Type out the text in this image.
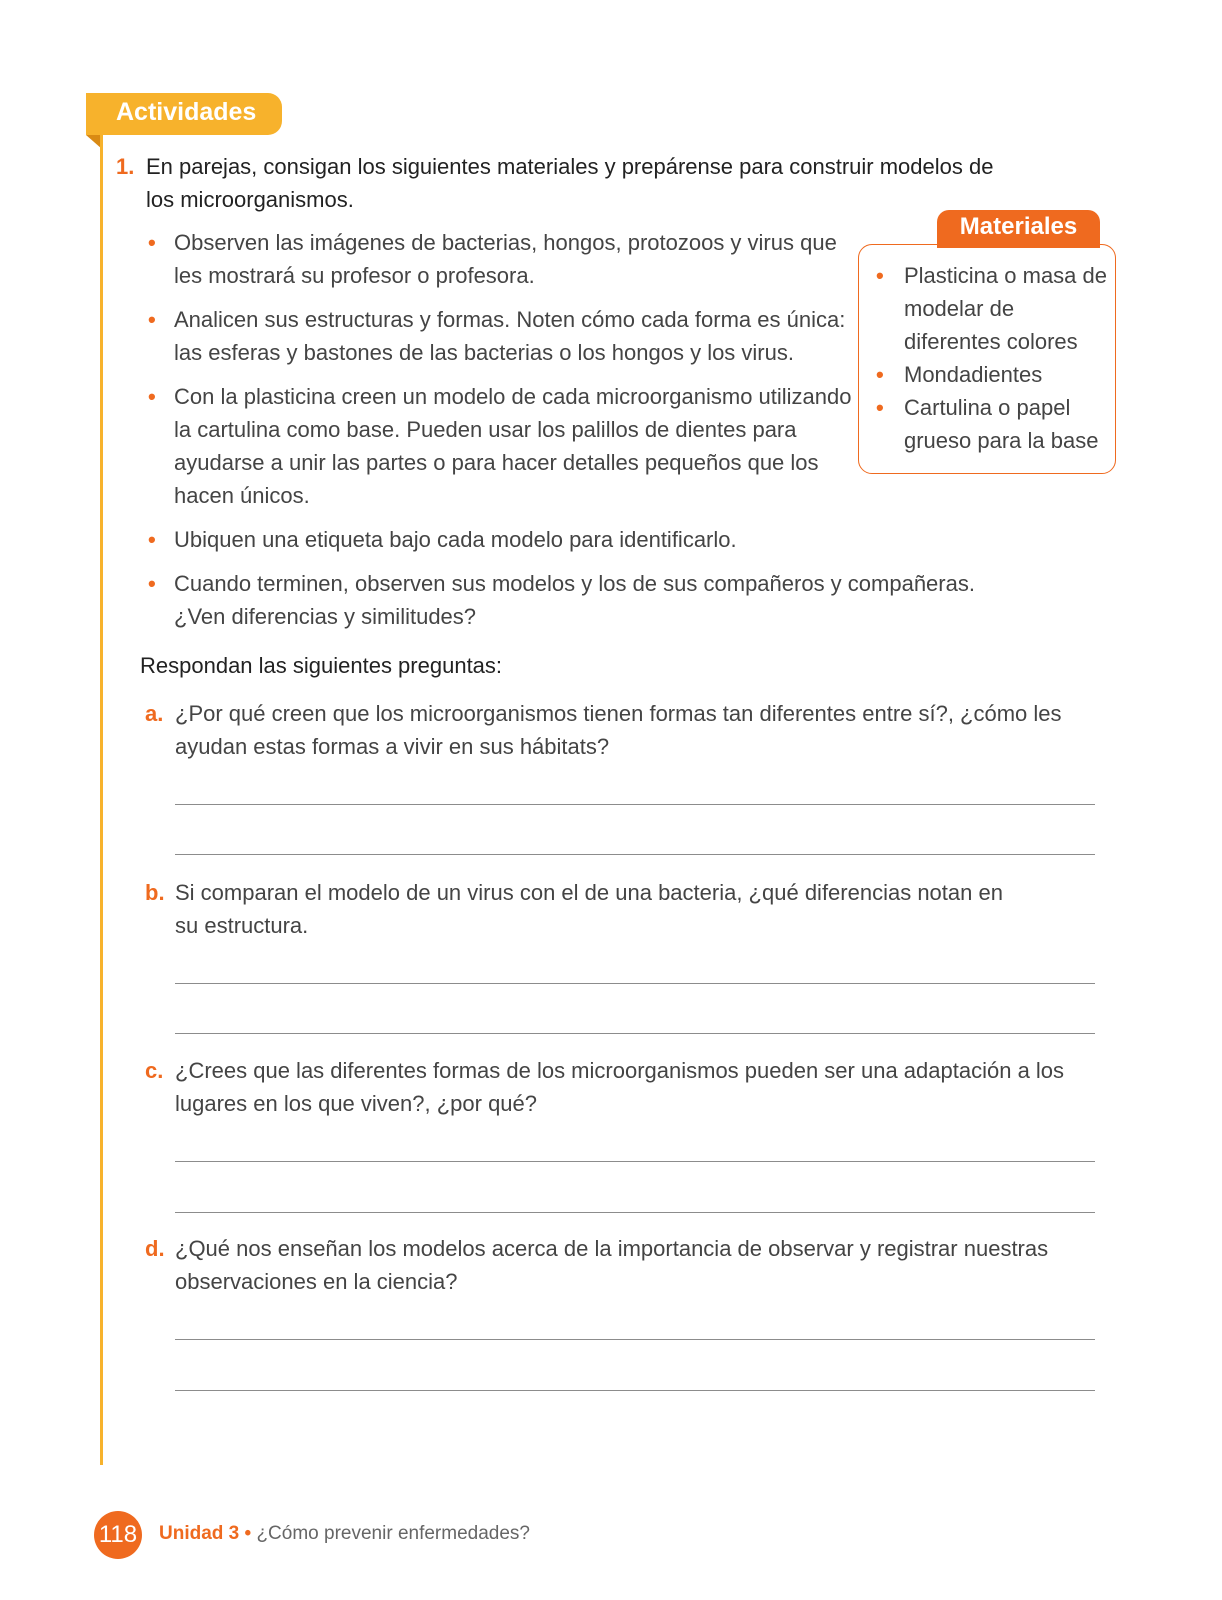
Actividades
1. En parejas, consigan los siguientes materiales y prepárense para construir modelos de los microorganismos.

• Observen las imágenes de bacterias, hongos, protozoos y virus que les mostrará su profesor o profesora.

• Analicen sus estructuras y formas. Noten cómo cada forma es única: las esferas y bastones de las bacterias o los hongos y los virus.

• Con la plasticina creen un modelo de cada microorganismo utilizando la cartulina como base. Pueden usar los palillos de dientes para ayudarse a unir las partes o para hacer detalles pequeños que los hacen únicos.

• Ubiquen una etiqueta bajo cada modelo para identificarlo.

• Cuando terminen, observen sus modelos y los de sus compañeros y compañeras. ¿Ven diferencias y similitudes?

Materiales
• Plasticina o masa de modelar de diferentes colores
• Mondadientes
• Cartulina o papel grueso para la base
Respondan las siguientes preguntas:
a. ¿Por qué creen que los microorganismos tienen formas tan diferentes entre sí?, ¿cómo les ayudan estas formas a vivir en sus hábitats?
b. Si comparan el modelo de un virus con el de una bacteria, ¿qué diferencias notan en su estructura.
c. ¿Crees que las diferentes formas de los microorganismos pueden ser una adaptación a los lugares en los que viven?, ¿por qué?
d. ¿Qué nos enseñan los modelos acerca de la importancia de observar y registrar nuestras observaciones en la ciencia?
118 Unidad 3 • ¿Cómo prevenir enfermedades?
